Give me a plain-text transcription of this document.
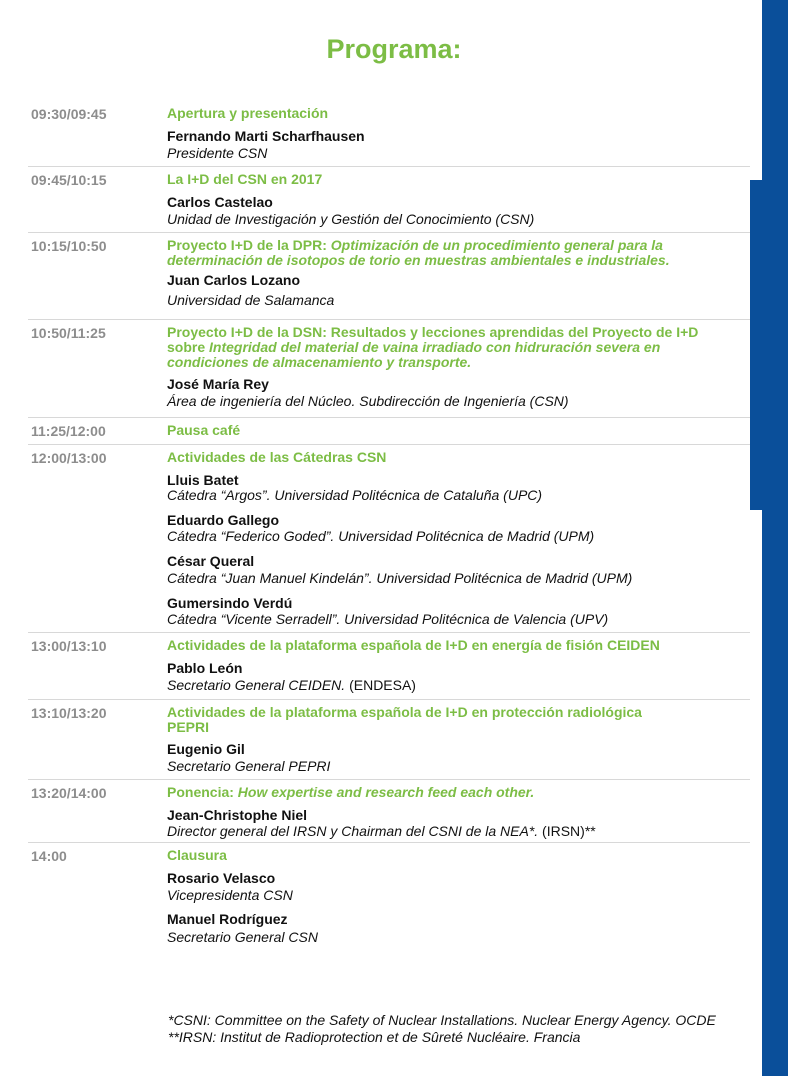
Programa:
09:30/09:45	Apertura y presentación
Fernando Marti Scharfhausen
Presidente CSN
09:45/10:15	La I+D del CSN en 2017
Carlos Castelao
Unidad de Investigación y Gestión del Conocimiento (CSN)
10:15/10:50	Proyecto I+D de la DPR: Optimización de un procedimiento general para la determinación de isotopos de torio en muestras ambientales e industriales.
Juan Carlos Lozano
Universidad de Salamanca
10:50/11:25	Proyecto I+D de la DSN: Resultados y lecciones aprendidas del Proyecto de I+D sobre Integridad del material de vaina irradiado con hidruración severa en condiciones de almacenamiento y transporte.
José María Rey
Área de ingeniería del Núcleo. Subdirección de Ingeniería (CSN)
11:25/12:00	Pausa café
12:00/13:00	Actividades de las Cátedras CSN
Lluis Batet
Cátedra “Argos”. Universidad Politécnica de Cataluña (UPC)
Eduardo Gallego
Cátedra “Federico Goded”. Universidad Politécnica de Madrid (UPM)
César Queral
Cátedra “Juan Manuel Kindelán”. Universidad Politécnica de Madrid (UPM)
Gumersindo Verdú
Cátedra “Vicente Serradell”. Universidad Politécnica de Valencia (UPV)
13:00/13:10	Actividades de la plataforma española de I+D en energía de fisión CEIDEN
Pablo León
Secretario General CEIDEN. (ENDESA)
13:10/13:20	Actividades de la plataforma española de I+D en protección radiológica PEPRI
Eugenio Gil
Secretario General PEPRI
13:20/14:00	Ponencia: How expertise and research feed each other.
Jean-Christophe Niel
Director general del IRSN y Chairman del CSNI de la NEA*. (IRSN)**
14:00	Clausura
Rosario Velasco
Vicepresidenta CSN
Manuel Rodríguez
Secretario General CSN
*CSNI: Committee on the Safety of Nuclear Installations. Nuclear Energy Agency. OCDE
**IRSN: Institut de Radioprotection et de Sûreté Nucléaire. Francia
